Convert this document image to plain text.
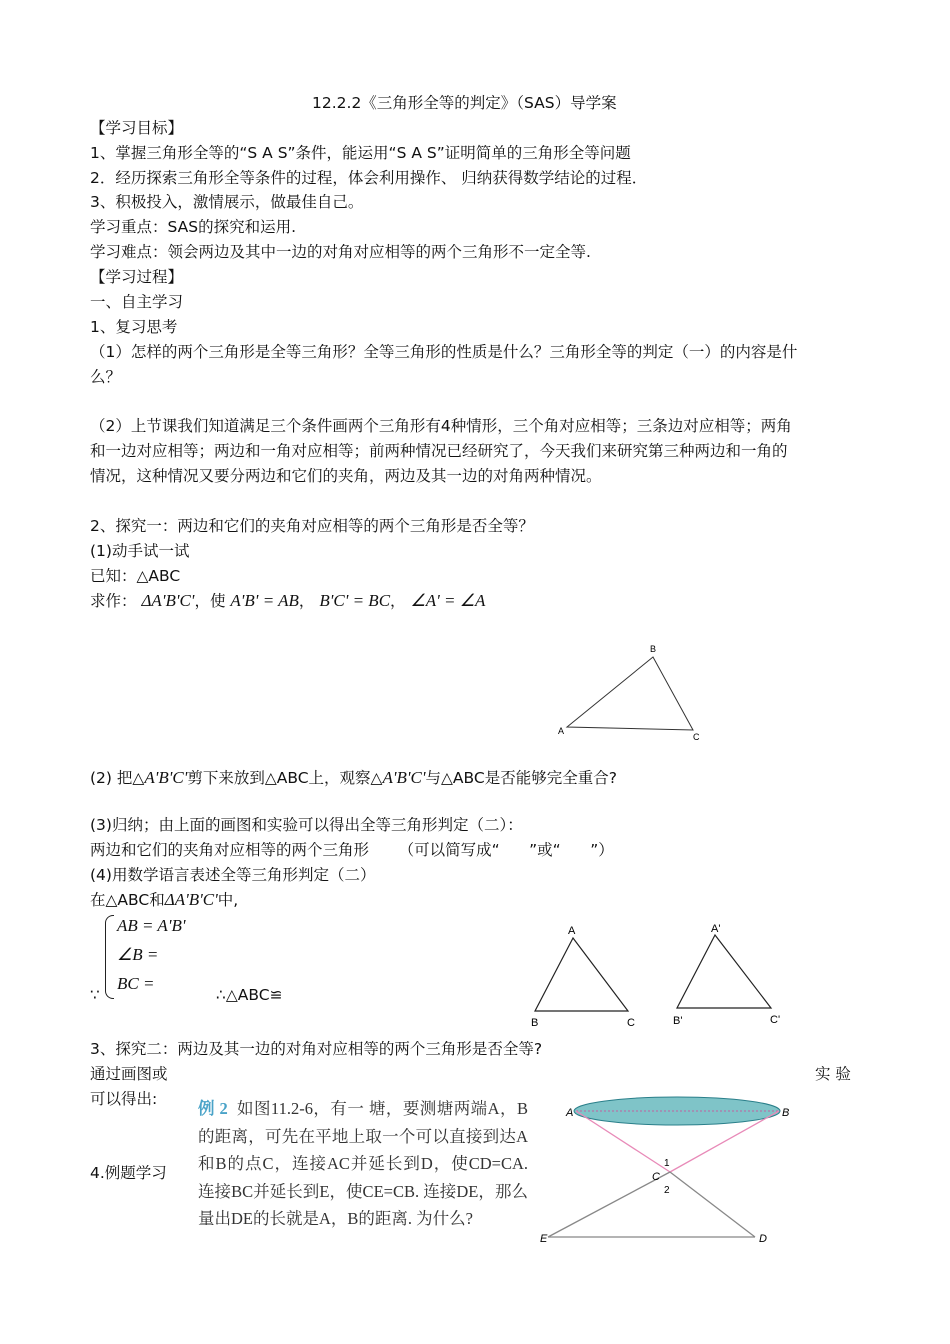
12.2.2《三角形全等的判定》（SAS）导学案
【学习目标】
1、掌握三角形全等的“S A S”条件，能运用“S A S”证明简单的三角形全等问题
2．经历探索三角形全等条件的过程，体会利用操作、 归纳获得数学结论的过程．
3、积极投入，激情展示，做最佳自己。
学习重点：SAS的探究和运用.
学习难点：领会两边及其中一边的对角对应相等的两个三角形不一定全等.
【学习过程】
一、自主学习
1、复习思考
（1）怎样的两个三角形是全等三角形？全等三角形的性质是什么？三角形全等的判定（一）的内容是什
么？
（2）上节课我们知道满足三个条件画两个三角形有4种情形，三个角对应相等；三条边对应相等；两角
和一边对应相等；两边和一角对应相等；前两种情况已经研究了，今天我们来研究第三种两边和一角的
情况，这种情况又要分两边和它们的夹角，两边及其一边的对角两种情况。
2、探究一：两边和它们的夹角对应相等的两个三角形是否全等？
(1)动手试一试
已知：△ABC
求作： ΔA'B'C'，使 A'B' = AB， B'C' = BC， ∠A' = ∠A
A
B
C
A
B	C
A'
B'	C'
A	B
C
1
2
E	D
(2) 把△A'B'C'剪下来放到△ABC上，观察△A'B'C'与△ABC是否能够完全重合?
(3)归纳；由上面的画图和实验可以得出全等三角形判定（二）：
两边和它们的夹角对应相等的两个三角形      （可以简写成“      ”或“      ”）
(4)用数学语言表述全等三角形判定（二）
在△ABC和ΔA'B'C'中,
AB = A'B'
∠B =
BC =
∵	∴△ABC≌
3、探究二：两边及其一边的对角对应相等的两个三角形是否全等?
通过画图或	实 验
可以得出:
4.例题学习
例 2 如图11.2-6，有一 塘，要测塘两端A，B的距离，可先在平地上取一个可以直接到达A和B的点C，连接AC并延长到D，使CD=CA. 连接BC并延长到E，使CE=CB. 连接DE，那么量出DE的长就是A，B的距离. 为什么?
